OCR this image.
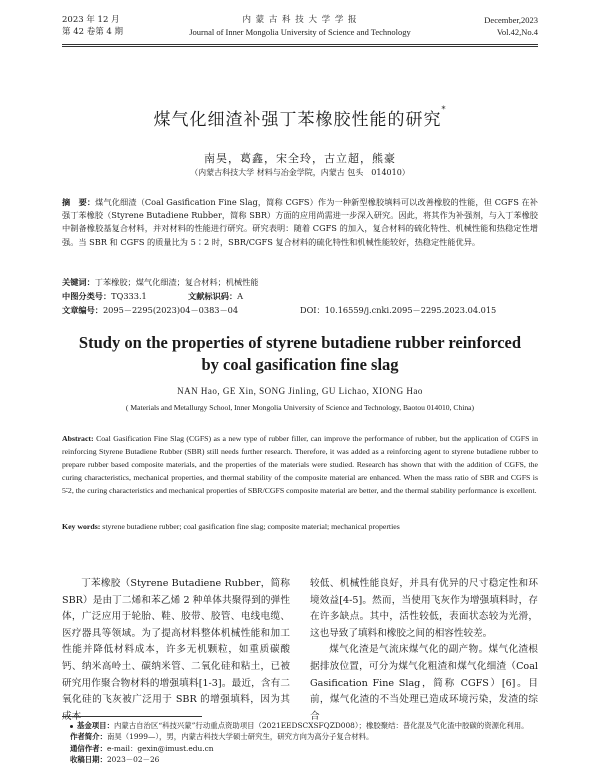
2023 年 12 月
第 42 卷第 4 期
内 蒙 古 科 技 大 学 学 报
Journal of Inner Mongolia University of Science and Technology
December,2023
Vol.42,No.4
煤气化细渣补强丁苯橡胶性能的研究*
南昊，葛鑫，宋全玲，古立超，熊豪
（内蒙古科技大学 材料与冶金学院，内蒙古 包头　014010）
摘　要：煤气化细渣（Coal Gasification Fine Slag，简称 CGFS）作为一种新型橡胶填料可以改善橡胶的性能，但 CGFS 在补强丁苯橡胶（Styrene Butadiene Rubber，简称 SBR）方面的应用尚需进一步深入研究。因此，将其作为补强剂，与入丁苯橡胶中制备橡胶基复合材料，并对材料的性能进行研究。研究表明：随着 CGFS 的加入，复合材料的硫化特性、机械性能和热稳定性增强。当 SBR 和 CGFS 的质量比为 5∶2 时，SBR/CGFS 复合材料的硫化特性和机械性能较好，热稳定性能优异。
关键词：丁苯橡胶；煤气化细渣；复合材料；机械性能
中图分类号：TQ333.1	文献标识码：A
文章编号：2095－2295(2023)04－0383－04	DOI：10.16559/j.cnki.2095－2295.2023.04.015
Study on the properties of styrene butadiene rubber reinforced
by coal gasification fine slag
NAN Hao, GE Xin, SONG Jinling, GU Lichao, XIONG Hao
( Materials and Metallurgy School, Inner Mongolia University of Science and Technology, Baotou 014010, China)
Abstract: Coal Gasification Fine Slag (CGFS) as a new type of rubber filler, can improve the performance of rubber, but the application of CGFS in reinforcing Styrene Butadiene Rubber (SBR) still needs further research. Therefore, it was added as a reinforcing agent to styrene butadiene rubber to prepare rubber based composite materials, and the properties of the materials were studied. Research has shown that with the addition of CGFS, the curing characteristics, mechanical properties, and thermal stability of the composite material are enhanced. When the mass ratio of SBR and CGFS is 5∶2, the curing characteristics and mechanical properties of SBR/CGFS composite material are better, and the thermal stability performance is excellent.
Key words: styrene butadiene rubber; coal gasification fine slag; composite material; mechanical properties

丁苯橡胶（Styrene Butadiene Rubber，简称 SBR）是由丁二烯和苯乙烯 2 种单体共聚得到的弹性体，广泛应用于轮胎、鞋、胶带、胶管、电线电缆、医疗器具等领域。为了提高材料整体机械性能和加工性能并降低材料成本，许多无机颗粒，如重质碳酸钙、纳米高岭土、碳纳米管、二氧化硅和粘土，已被研究用作聚合物材料的增强填料[1-3]。最近，含有二氧化硅的飞灰被广泛用于 SBR 的增强填料，因为其成本

较低、机械性能良好，并具有优异的尺寸稳定性和环境效益[4-5]。然而，当使用飞灰作为增强填料时，存在许多缺点。其中，活性较低，表面状态较为光滑，这也导致了填料和橡胶之间的相容性较差。

煤气化渣是气流床煤气化的副产物。煤气化渣根据排放位置，可分为煤气化粗渣和煤气化细渣（Coal Gasification Fine Slag，简称 CGFS）[6]。目前，煤气化渣的不当处理已造成环境污染，发渣的综合

基金项目：内蒙古自治区“科技兴蒙”行动重点资助项目（2021EEDSCXSFQZD008）；橡胶聚结：普化混及气化渣中胶碳的资源化利用。
作者简介：南昊（1999—），男，内蒙古科技大学硕士研究生，研究方向为高分子复合材料。
通信作者：e-mail：gexin@imust.edu.cn
收稿日期：2023－02－26
